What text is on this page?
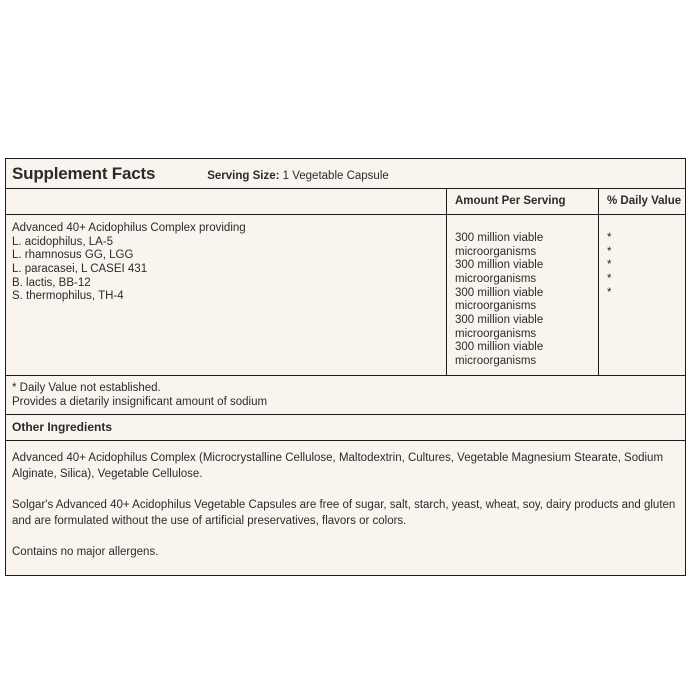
Supplement Facts	Serving Size: 1 Vegetable Capsule
Amount Per Serving	% Daily Value
Advanced 40+ Acidophilus Complex providing
L. acidophilus, LA-5
L. rhamnosus GG, LGG
L. paracasei, L CASEI 431
B. lactis, BB-12
S. thermophilus, TH-4
300 million viable
microorganisms
300 million viable
microorganisms
300 million viable
microorganisms
300 million viable
microorganisms
300 million viable
microorganisms
*
*
*
*
*
* Daily Value not established.
Provides a dietarily insignificant amount of sodium
Other Ingredients

Advanced 40+ Acidophilus Complex (Microcrystalline Cellulose, Maltodextrin, Cultures, Vegetable Magnesium Stearate, Sodium Alginate, Silica), Vegetable Cellulose.

Solgar's Advanced 40+ Acidophilus Vegetable Capsules are free of sugar, salt, starch, yeast, wheat, soy, dairy products and gluten and are formulated without the use of artificial preservatives, flavors or colors.

Contains no major allergens.
